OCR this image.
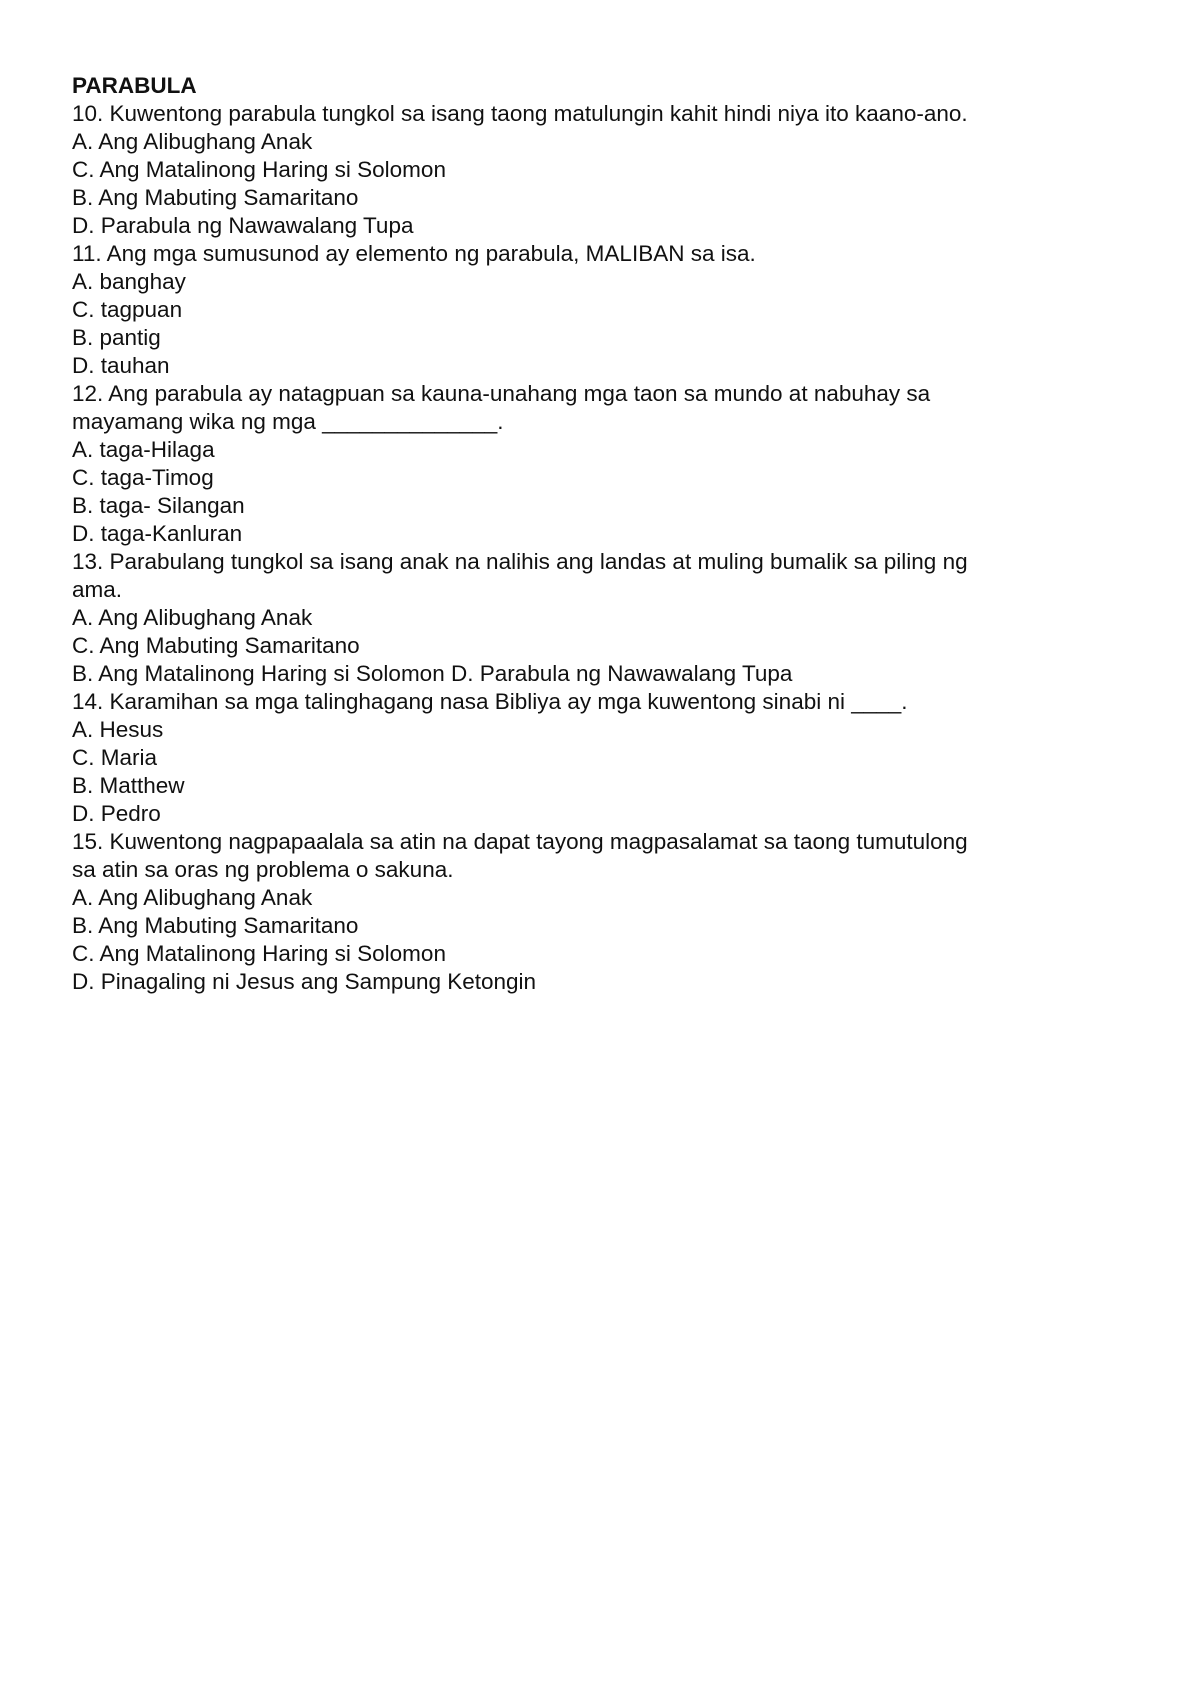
PARABULA

10. Kuwentong parabula tungkol sa isang taong matulungin kahit hindi niya ito kaano-ano.

A. Ang Alibughang Anak

C. Ang Matalinong Haring si Solomon

B. Ang Mabuting Samaritano

D. Parabula ng Nawawalang Tupa

11. Ang mga sumusunod ay elemento ng parabula, MALIBAN sa isa.

A. banghay

C. tagpuan

B. pantig

D. tauhan

12. Ang parabula ay natagpuan sa kauna-unahang mga taon sa mundo at nabuhay sa mayamang wika ng mga ______________.

A. taga-Hilaga

C. taga-Timog

B. taga- Silangan

D. taga-Kanluran

13. Parabulang tungkol sa isang anak na nalihis ang landas at muling bumalik sa piling ng ama.

A. Ang Alibughang Anak

C. Ang Mabuting Samaritano

B. Ang Matalinong Haring si Solomon D. Parabula ng Nawawalang Tupa

14. Karamihan sa mga talinghagang nasa Bibliya ay mga kuwentong sinabi ni ____.

A. Hesus

C. Maria

B. Matthew

D. Pedro

15. Kuwentong nagpapaalala sa atin na dapat tayong magpasalamat sa taong tumutulong sa atin sa oras ng problema o sakuna.

A. Ang Alibughang Anak

B. Ang Mabuting Samaritano

C. Ang Matalinong Haring si Solomon

D. Pinagaling ni Jesus ang Sampung Ketongin
